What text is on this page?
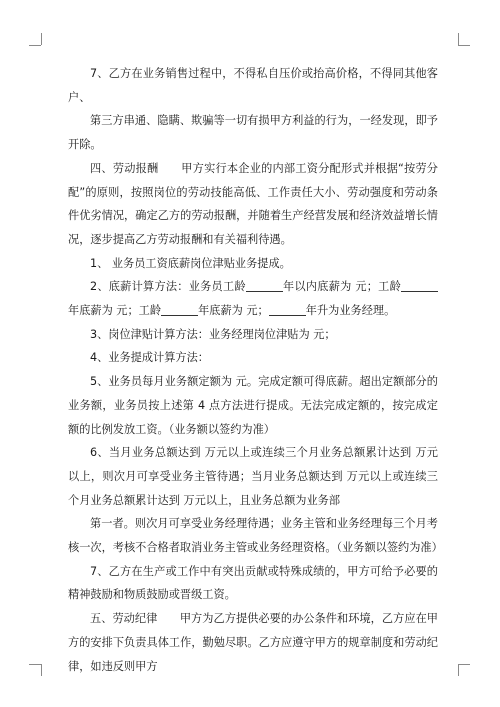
7、乙方在业务销售过程中，不得私自压价或抬高价格，不得同其他客户、

第三方串通、隐瞒、欺骗等一切有损甲方利益的行为，一经发现，即予开除。

四、劳动报酬　　甲方实行本企业的内部工资分配形式并根据“按劳分配”的原则，按照岗位的劳动技能高低、工作责任大小、劳动强度和劳动条件优劣情况，确定乙方的劳动报酬，并随着生产经营发展和经济效益增长情况，逐步提高乙方劳动报酬和有关福利待遇。

1、 业务员工资底薪岗位津贴业务提成。

2、底薪计算方法：业务员工龄	年以内底薪为 元；工龄年底薪为 元；工龄	年底薪为 元；	年升为业务经理。

3、岗位津贴计算方法：业务经理岗位津贴为 元；

4、业务提成计算方法：

5、业务员每月业务额定额为 元。完成定额可得底薪。超出定额部分的业务额，业务员按上述第 4 点方法进行提成。无法完成定额的，按完成定额的比例发放工资。（业务额以签约为准）

6、当月业务总额达到 万元以上或连续三个月业务总额累计达到 万元以上，则次月可享受业务主管待遇；当月业务总额达到 万元以上或连续三个月业务总额累计达到 万元以上，且业务总额为业务部

第一者。则次月可享受业务经理待遇；业务主管和业务经理每三个月考核一次，考核不合格者取消业务主管或业务经理资格。（业务额以签约为准）

7、乙方在生产或工作中有突出贡献或特殊成绩的，甲方可给予必要的精神鼓励和物质鼓励或晋级工资。

五、劳动纪律　　甲方为乙方提供必要的办公条件和环境，乙方应在甲方的安排下负责具体工作，勤勉尽职。乙方应遵守甲方的规章制度和劳动纪律，如违反则甲方
